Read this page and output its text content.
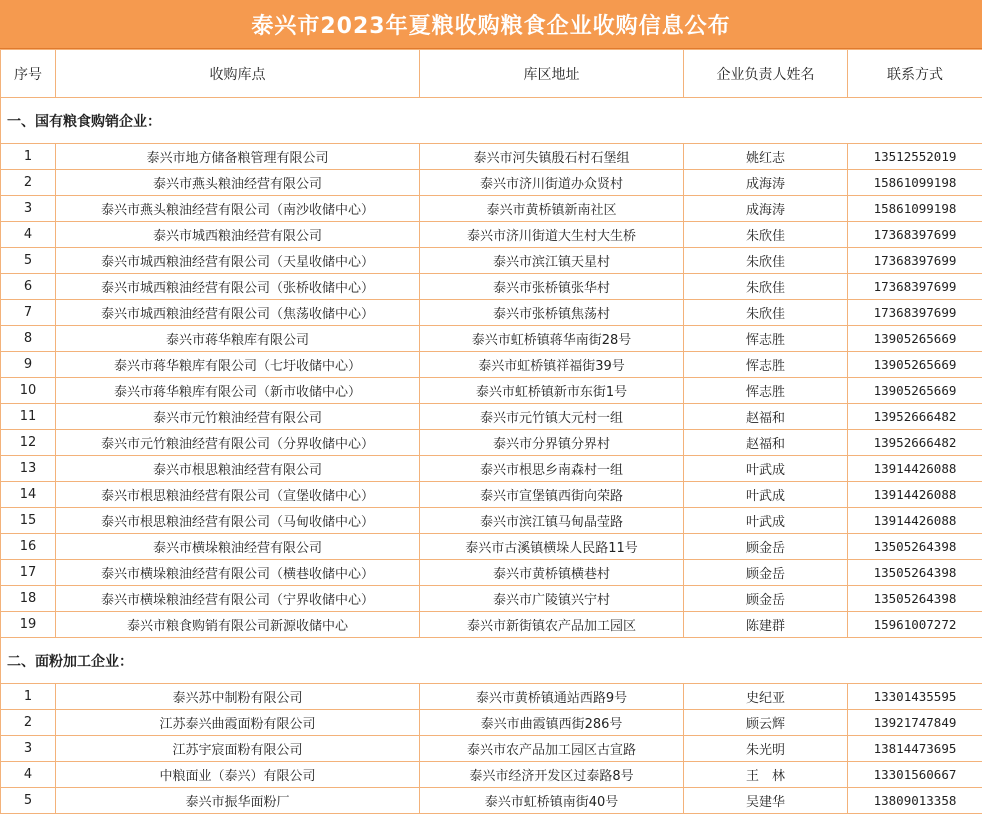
泰兴市2023年夏粮收购粮食企业收购信息公布
序号	收购库点	库区地址	企业负责人姓名	联系方式
一、国有粮食购销企业：				
1	泰兴市地方储备粮管理有限公司	泰兴市河失镇殷石村石堡组	姚红志	13512552019
2	泰兴市燕头粮油经营有限公司	泰兴市济川街道办众贤村	成海涛	15861099198
3	泰兴市燕头粮油经营有限公司（南沙收储中心）	泰兴市黄桥镇新南社区	成海涛	15861099198
4	泰兴市城西粮油经营有限公司	泰兴市济川街道大生村大生桥	朱欣佳	17368397699
5	泰兴市城西粮油经营有限公司（天星收储中心）	泰兴市滨江镇天星村	朱欣佳	17368397699
6	泰兴市城西粮油经营有限公司（张桥收储中心）	泰兴市张桥镇张华村	朱欣佳	17368397699
7	泰兴市城西粮油经营有限公司（焦荡收储中心）	泰兴市张桥镇焦荡村	朱欣佳	17368397699
8	泰兴市蒋华粮库有限公司	泰兴市虹桥镇蒋华南街28号	恽志胜	13905265669
9	泰兴市蒋华粮库有限公司（七圩收储中心）	泰兴市虹桥镇祥福街39号	恽志胜	13905265669
10	泰兴市蒋华粮库有限公司（新市收储中心）	泰兴市虹桥镇新市东街1号	恽志胜	13905265669
11	泰兴市元竹粮油经营有限公司	泰兴市元竹镇大元村一组	赵福和	13952666482
12	泰兴市元竹粮油经营有限公司（分界收储中心）	泰兴市分界镇分界村	赵福和	13952666482
13	泰兴市根思粮油经营有限公司	泰兴市根思乡南森村一组	叶武成	13914426088
14	泰兴市根思粮油经营有限公司（宣堡收储中心）	泰兴市宣堡镇西街向荣路	叶武成	13914426088
15	泰兴市根思粮油经营有限公司（马甸收储中心）	泰兴市滨江镇马甸晶莹路	叶武成	13914426088
16	泰兴市横垛粮油经营有限公司	泰兴市古溪镇横垛人民路11号	顾金岳	13505264398
17	泰兴市横垛粮油经营有限公司（横巷收储中心）	泰兴市黄桥镇横巷村	顾金岳	13505264398
18	泰兴市横垛粮油经营有限公司（宁界收储中心）	泰兴市广陵镇兴宁村	顾金岳	13505264398
19	泰兴市粮食购销有限公司新源收储中心	泰兴市新街镇农产品加工园区	陈建群	15961007272
二、面粉加工企业：				
1	泰兴苏中制粉有限公司	泰兴市黄桥镇通站西路9号	史纪亚	13301435595
2	江苏泰兴曲霞面粉有限公司	泰兴市曲霞镇西街286号	顾云辉	13921747849
3	江苏宇宸面粉有限公司	泰兴市农产品加工园区古宣路	朱光明	13814473695
4	中粮面业（泰兴）有限公司	泰兴市经济开发区过泰路8号	王　林	13301560667
5	泰兴市振华面粉厂	泰兴市虹桥镇南街40号	吴建华	13809013358
